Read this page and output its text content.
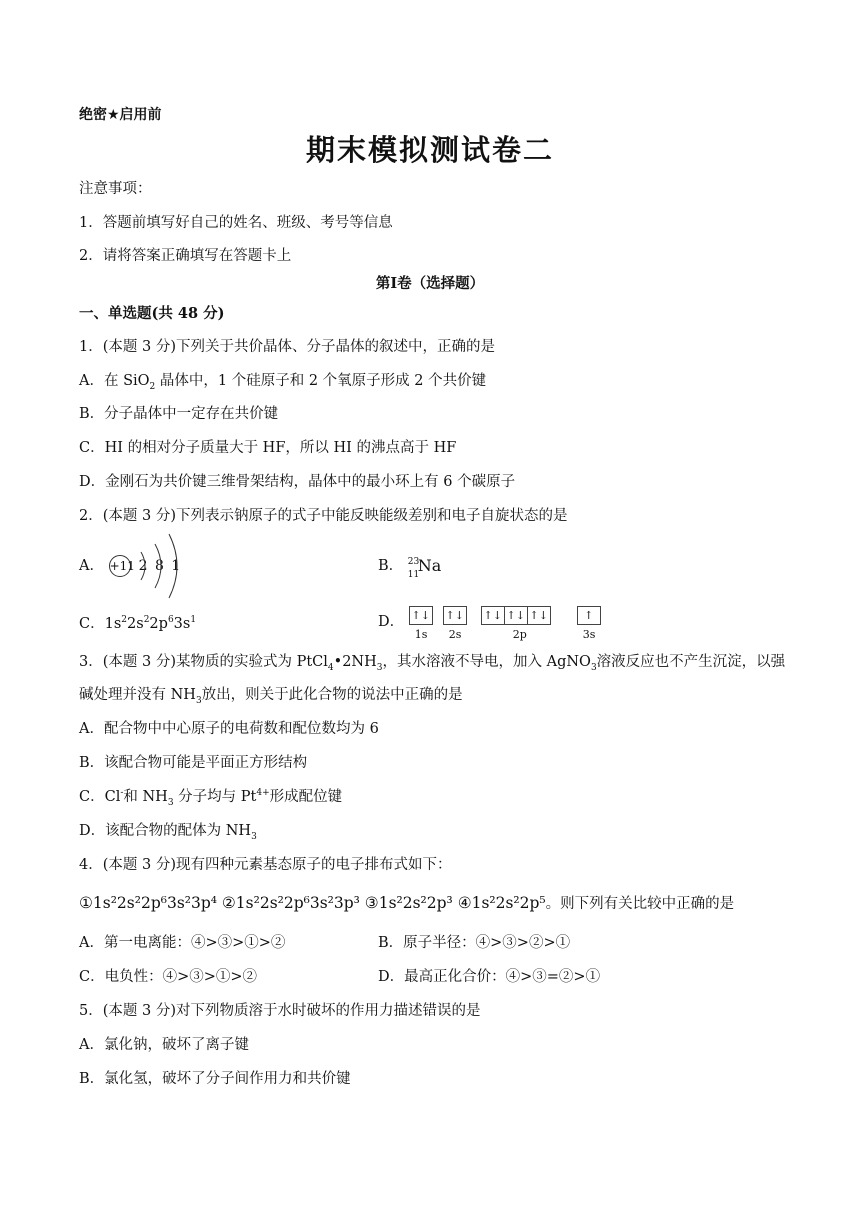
绝密★启用前
期末模拟测试卷二
注意事项：
1．答题前填写好自己的姓名、班级、考号等信息
2．请将答案正确填写在答题卡上
第Ⅰ卷（选择题）
一、单选题(共 48 分)
1．(本题 3 分)下列关于共价晶体、分子晶体的叙述中，正确的是
A．在 SiO$_2$ 晶体中，1 个硅原子和 2 个氧原子形成 2 个共价键
B．分子晶体中一定存在共价键
C．HI 的相对分子质量大于 HF，所以 HI 的沸点高于 HF
D．金刚石为共价键三维骨架结构，晶体中的最小环上有 6 个碳原子
2．(本题 3 分)下列表示钠原子的式子中能反映能级差别和电子自旋状态的是
A． +11 2 8 1	B． 23
11
Na
C．$1s^22s^22p^63s^1$	D． ↑↓ ↑↓ ↑↓ ↑↓ ↑↓	↑
1s 2s	2p	3s
3．(本题 3 分)某物质的实验式为 $PtCl_4•2NH_3$，其水溶液不导电，加入 AgNO$_3$溶液反应也不产生沉淀，以强
碱处理并没有 $NH_3$放出，则关于此化合物的说法中正确的是
A．配合物中中心原子的电荷数和配位数均为 6
B．该配合物可能是平面正方形结构
C．Cl-和 $NH_3$ 分子均与 $Pt^{4+}$形成配位键
D．该配合物的配体为 $NH_3$
4．(本题 3 分)现有四种元素基态原子的电子排布式如下：
①1s²2s²2p⁶3s²3p⁴ ②1s²2s²2p⁶3s²3p³ ③1s²2s²2p³ ④1s²2s²2p⁵。则下列有关比较中正确的是
A．第一电离能：④>③>①>②	B．原子半径：④>③>②>①
C．电负性：④>③>①>②	D．最高正化合价：④>③=②>①
5．(本题 3 分)对下列物质溶于水时破坏的作用力描述错误的是
A．氯化钠，破坏了离子键
B．氯化氢，破坏了分子间作用力和共价键
